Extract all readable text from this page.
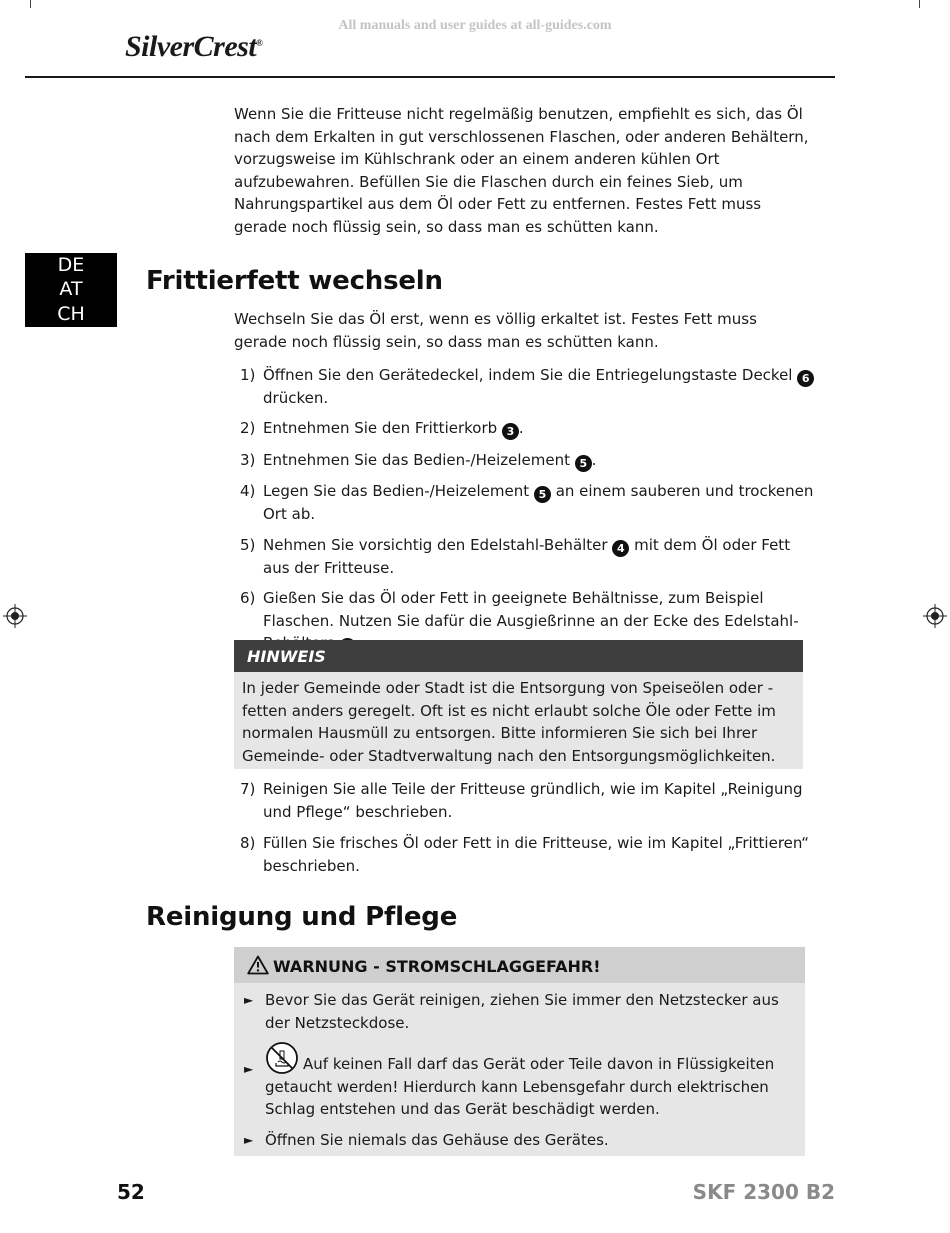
All manuals and user guides at all-guides.com
SilverCrest®
Wenn Sie die Fritteuse nicht regelmäßig benutzen, empfiehlt es sich, das Öl nach dem Erkalten in gut verschlossenen Flaschen, oder anderen Behältern, vorzugsweise im Kühlschrank oder an einem anderen kühlen Ort aufzubewahren. Befüllen Sie die Flaschen durch ein feines Sieb, um Nahrungspartikel aus dem Öl oder Fett zu entfernen. Festes Fett muss gerade noch flüssig sein, so dass man es schütten kann.
DE
AT
CH
Frittierfett wechseln
Wechseln Sie das Öl erst, wenn es völlig erkaltet ist. Festes Fett muss gerade noch flüssig sein, so dass man es schütten kann.
1) Öffnen Sie den Gerätedeckel, indem Sie die Entriegelungstaste Deckel 6 drücken.
2) Entnehmen Sie den Frittierkorb 3 .
3) Entnehmen Sie das Bedien-/Heizelement 5 .
4) Legen Sie das Bedien-/Heizelement 5 an einem sauberen und trockenen Ort ab.
5) Nehmen Sie vorsichtig den Edelstahl-Behälter 4 mit dem Öl oder Fett aus der Fritteuse.
6) Gießen Sie das Öl oder Fett in geeignete Behältnisse, zum Beispiel Flaschen. Nutzen Sie dafür die Ausgießrinne an der Ecke des Edelstahl-
HINWEIS
In jeder Gemeinde oder Stadt ist die Entsorgung von Speiseölen oder -fetten anders geregelt. Oft ist es nicht erlaubt solche Öle oder Fette im normalen Hausmüll zu entsorgen. Bitte informieren Sie sich bei Ihrer Gemeinde- oder Stadtverwaltung nach den Entsorgungsmöglichkeiten.
7) Reinigen Sie alle Teile der Fritteuse gründlich, wie im Kapitel „Reinigung und Pflege“ beschrieben.
8) Füllen Sie frisches Öl oder Fett in die Fritteuse, wie im Kapitel „Frittieren“ beschrieben.
Reinigung und Pflege
WARNUNG - STROMSCHLAGGEFAHR!
► Bevor Sie das Gerät reinigen, ziehen Sie immer den Netzstecker aus der Netzsteckdose.
►	Auf keinen Fall darf das Gerät oder Teile davon in Flüssigkeiten getaucht werden! Hierdurch kann Lebensgefahr durch elektrischen Schlag entstehen und das Gerät beschädigt werden.
► Öffnen Sie niemals das Gehäuse des Gerätes.
52	SKF 2300 B2
